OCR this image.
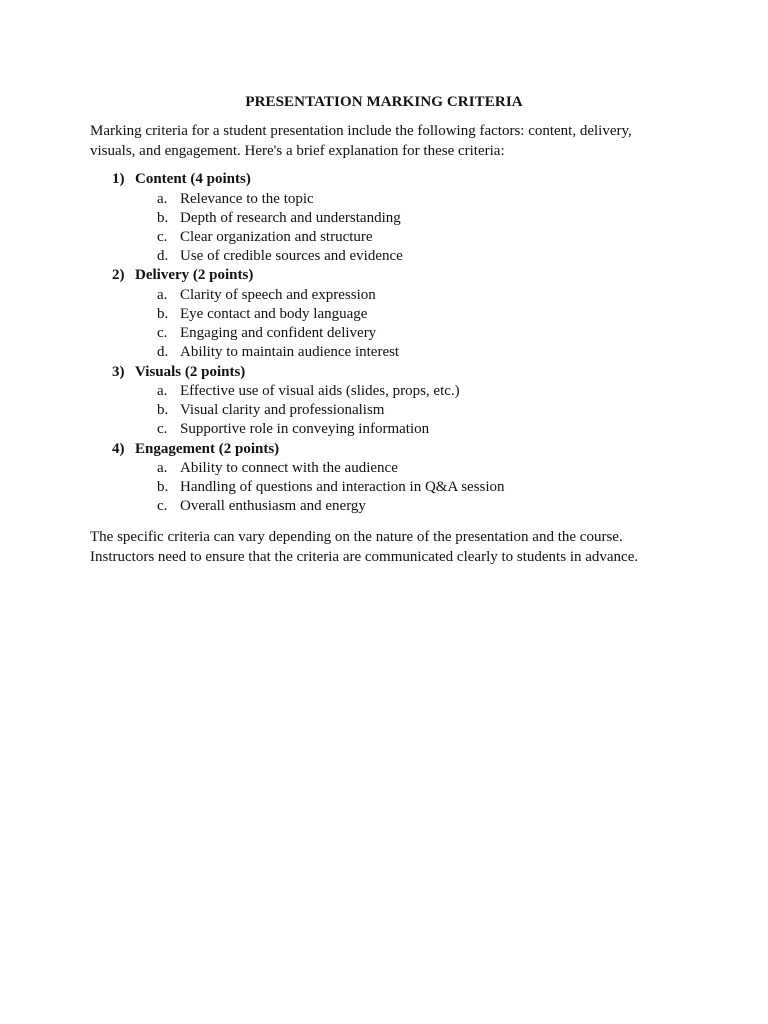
PRESENTATION MARKING CRITERIA
Marking criteria for a student presentation include the following factors: content, delivery, visuals, and engagement. Here's a brief explanation for these criteria:
1) Content (4 points)
a. Relevance to the topic
b. Depth of research and understanding
c. Clear organization and structure
d. Use of credible sources and evidence
2) Delivery (2 points)
a. Clarity of speech and expression
b. Eye contact and body language
c. Engaging and confident delivery
d. Ability to maintain audience interest
3) Visuals (2 points)
a. Effective use of visual aids (slides, props, etc.)
b. Visual clarity and professionalism
c. Supportive role in conveying information
4) Engagement (2 points)
a. Ability to connect with the audience
b. Handling of questions and interaction in Q&A session
c. Overall enthusiasm and energy
The specific criteria can vary depending on the nature of the presentation and the course. Instructors need to ensure that the criteria are communicated clearly to students in advance.
